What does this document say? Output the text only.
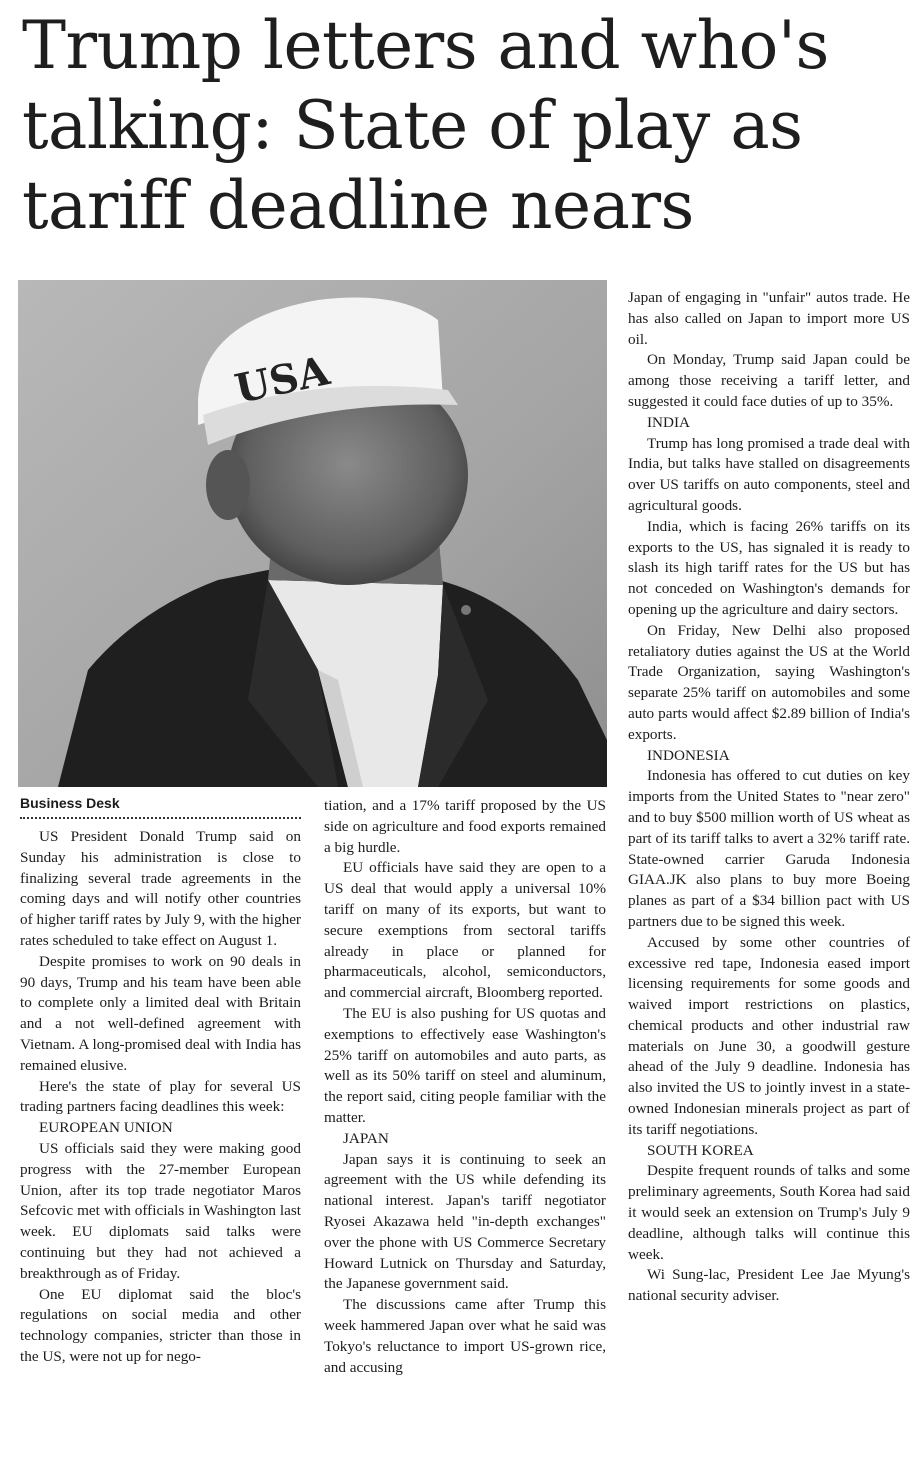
Trump letters and who's
talking: State of play as
tariff deadline nears
USA
Business Desk

US President Donald Trump said on Sunday his administration is close to finalizing several trade agreements in the coming days and will notify other countries of higher tariff rates by July 9, with the higher rates scheduled to take effect on August 1.

Despite promises to work on 90 deals in 90 days, Trump and his team have been able to complete only a limited deal with Britain and a not well-defined agreement with Vietnam. A long-promised deal with India has remained elusive.

Here's the state of play for several US trading partners facing deadlines this week:

EUROPEAN UNION

US officials said they were making good progress with the 27-member European Union, after its top trade negotiator Maros Sefcovic met with officials in Washington last week. EU diplomats said talks were continuing but they had not achieved a breakthrough as of Friday.

One EU diplomat said the bloc's regulations on social media and other technology companies, stricter than those in the US, were not up for nego-

tiation, and a 17% tariff proposed by the US side on agriculture and food exports remained a big hurdle.

EU officials have said they are open to a US deal that would apply a universal 10% tariff on many of its exports, but want to secure exemptions from sectoral tariffs already in place or planned for pharmaceuticals, alcohol, semiconductors, and commercial aircraft, Bloomberg reported.

The EU is also pushing for US quotas and exemptions to effectively ease Washington's 25% tariff on automobiles and auto parts, as well as its 50% tariff on steel and aluminum, the report said, citing people familiar with the matter.

JAPAN

Japan says it is continuing to seek an agreement with the US while defending its national interest. Japan's tariff negotiator Ryosei Akazawa held "in-depth exchanges" over the phone with US Commerce Secretary Howard Lutnick on Thursday and Saturday, the Japanese government said.

The discussions came after Trump this week hammered Japan over what he said was Tokyo's reluctance to import US-grown rice, and accusing

Japan of engaging in "unfair" autos trade. He has also called on Japan to import more US oil.

On Monday, Trump said Japan could be among those receiving a tariff letter, and suggested it could face duties of up to 35%.

INDIA

Trump has long promised a trade deal with India, but talks have stalled on disagreements over US tariffs on auto components, steel and agricultural goods.

India, which is facing 26% tariffs on its exports to the US, has signaled it is ready to slash its high tariff rates for the US but has not conceded on Washington's demands for opening up the agriculture and dairy sectors.

On Friday, New Delhi also proposed retaliatory duties against the US at the World Trade Organization, saying Washington's separate 25% tariff on automobiles and some auto parts would affect $2.89 billion of India's exports.

INDONESIA

Indonesia has offered to cut duties on key imports from the United States to "near zero" and to buy $500 million worth of US wheat as part of its tariff talks to avert a 32% tariff rate. State-owned carrier Garuda Indonesia GIAA.JK also plans to buy more Boeing planes as part of a $34 billion pact with US partners due to be signed this week.

Accused by some other countries of excessive red tape, Indonesia eased import licensing requirements for some goods and waived import restrictions on plastics, chemical products and other industrial raw materials on June 30, a goodwill gesture ahead of the July 9 deadline. Indonesia has also invited the US to jointly invest in a state-owned Indonesian minerals project as part of its tariff negotiations.

SOUTH KOREA

Despite frequent rounds of talks and some preliminary agreements, South Korea had said it would seek an extension on Trump's July 9 deadline, although talks will continue this week.

Wi Sung-lac, President Lee Jae Myung's national security adviser.
